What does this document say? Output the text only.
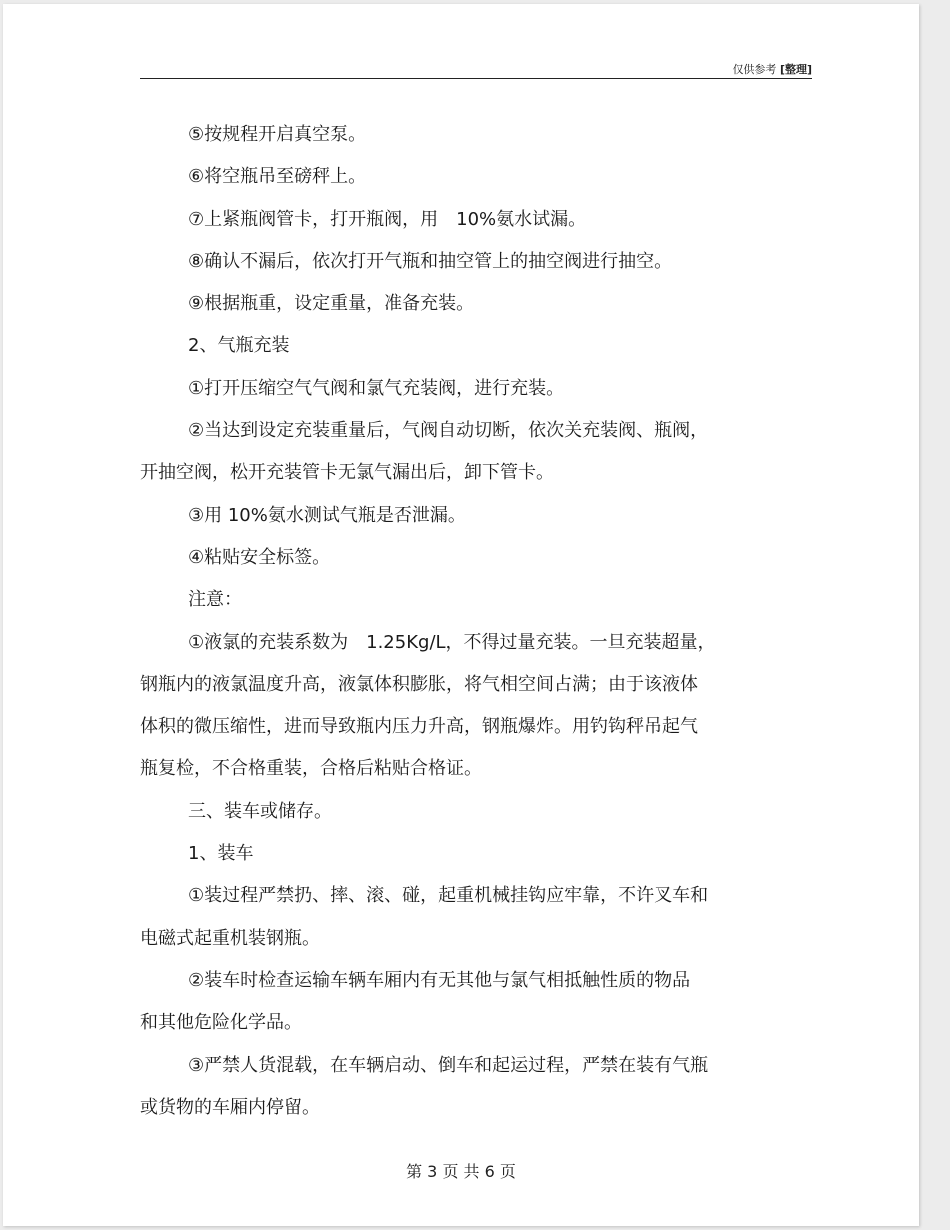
仅供参考 [整理]
⑤按规程开启真空泵。
⑥将空瓶吊至磅秤上。
⑦上紧瓶阀管卡，打开瓶阀，用　10%氨水试漏。
⑧确认不漏后，依次打开气瓶和抽空管上的抽空阀进行抽空。
⑨根据瓶重，设定重量，准备充装。
2、气瓶充装
①打开压缩空气气阀和氯气充装阀，进行充装。
②当达到设定充装重量后，气阀自动切断，依次关充装阀、瓶阀，
开抽空阀，松开充装管卡无氯气漏出后，卸下管卡。
③用 10%氨水测试气瓶是否泄漏。
④粘贴安全标签。
注意：
①液氯的充装系数为　1.25Kg/L，不得过量充装。一旦充装超量，
钢瓶内的液氯温度升高，液氯体积膨胀，将气相空间占满；由于该液体
体积的微压缩性，进而导致瓶内压力升高，钢瓶爆炸。用钓钩秤吊起气
瓶复检，不合格重装，合格后粘贴合格证。
三、装车或储存。
1、装车
①装过程严禁扔、摔、滚、碰，起重机械挂钩应牢靠，不许叉车和
电磁式起重机装钢瓶。
②装车时检查运输车辆车厢内有无其他与氯气相抵触性质的物品
和其他危险化学品。
③严禁人货混载，在车辆启动、倒车和起运过程，严禁在装有气瓶
或货物的车厢内停留。
第 3 页 共 6 页
